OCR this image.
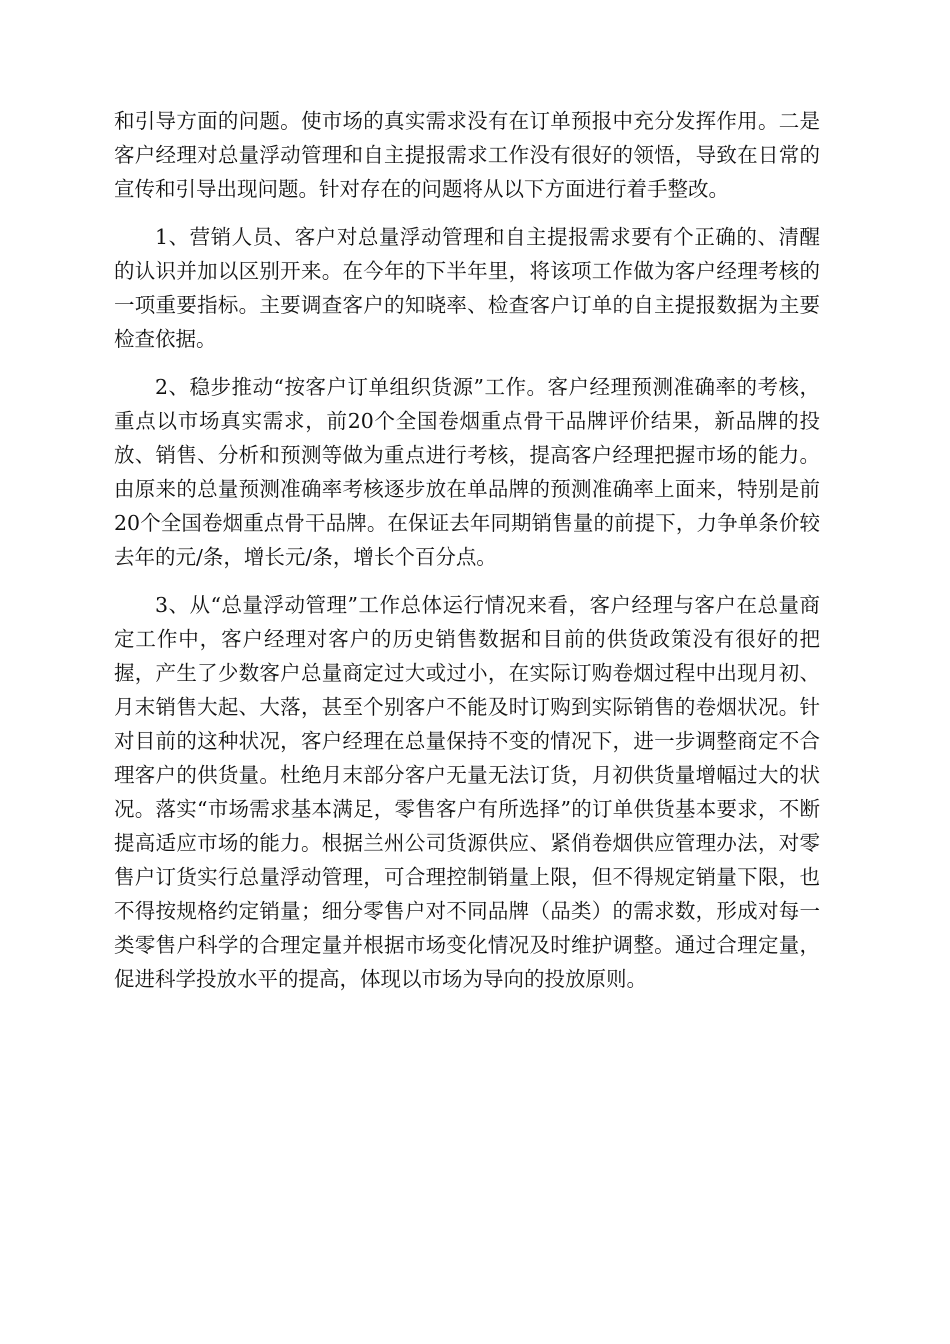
和引导方面的问题。使市场的真实需求没有在订单预报中充分发挥作用。二是客户经理对总量浮动管理和自主提报需求工作没有很好的领悟，导致在日常的宣传和引导出现问题。针对存在的问题将从以下方面进行着手整改。

1、营销人员、客户对总量浮动管理和自主提报需求要有个正确的、清醒的认识并加以区别开来。在今年的下半年里，将该项工作做为客户经理考核的一项重要指标。主要调查客户的知晓率、检查客户订单的自主提报数据为主要检查依据。

2、稳步推动“按客户订单组织货源”工作。客户经理预测准确率的考核，重点以市场真实需求，前20个全国卷烟重点骨干品牌评价结果，新品牌的投放、销售、分析和预测等做为重点进行考核，提高客户经理把握市场的能力。由原来的总量预测准确率考核逐步放在单品牌的预测准确率上面来，特别是前20个全国卷烟重点骨干品牌。在保证去年同期销售量的前提下，力争单条价较去年的元/条，增长元/条，增长个百分点。

3、从“总量浮动管理”工作总体运行情况来看，客户经理与客户在总量商定工作中，客户经理对客户的历史销售数据和目前的供货政策没有很好的把握，产生了少数客户总量商定过大或过小，在实际订购卷烟过程中出现月初、月末销售大起、大落，甚至个别客户不能及时订购到实际销售的卷烟状况。针对目前的这种状况，客户经理在总量保持不变的情况下，进一步调整商定不合理客户的供货量。杜绝月末部分客户无量无法订货，月初供货量增幅过大的状况。落实“市场需求基本满足，零售客户有所选择”的订单供货基本要求，不断提高适应市场的能力。根据兰州公司货源供应、紧俏卷烟供应管理办法，对零售户订货实行总量浮动管理，可合理控制销量上限，但不得规定销量下限，也不得按规格约定销量；细分零售户对不同品牌（品类）的需求数，形成对每一类零售户科学的合理定量并根据市场变化情况及时维护调整。通过合理定量，促进科学投放水平的提高，体现以市场为导向的投放原则。
